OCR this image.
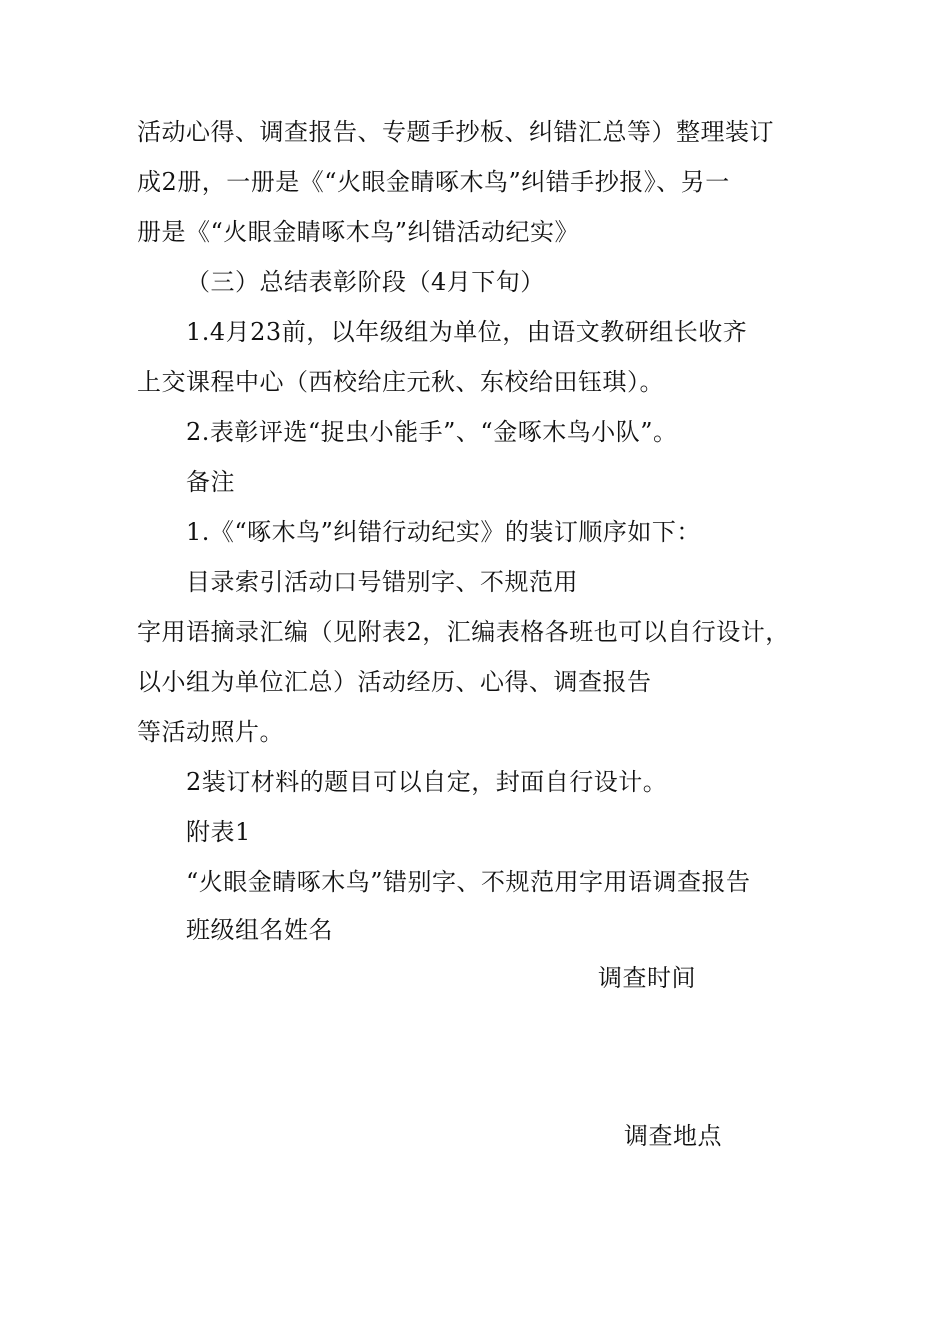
活动心得、调查报告、专题手抄板、纠错汇总等）整理装订
成2册，一册是《“火眼金睛啄木鸟”纠错手抄报》、另一
册是《“火眼金睛啄木鸟”纠错活动纪实》
（三）总结表彰阶段（4月下旬）
1.4月23前，以年级组为单位，由语文教研组长收齐
上交课程中心（西校给庄元秋、东校给田钰琪）。
2.表彰评选“捉虫小能手”、“金啄木鸟小队”。
备注
1.《“啄木鸟”纠错行动纪实》的装订顺序如下：
目录索引活动口号错别字、不规范用
字用语摘录汇编（见附表2，汇编表格各班也可以自行设计，
以小组为单位汇总）活动经历、心得、调查报告
等活动照片。
2装订材料的题目可以自定，封面自行设计。
附表1
“火眼金睛啄木鸟”错别字、不规范用字用语调查报告
班级组名姓名
调查时间
调查地点
